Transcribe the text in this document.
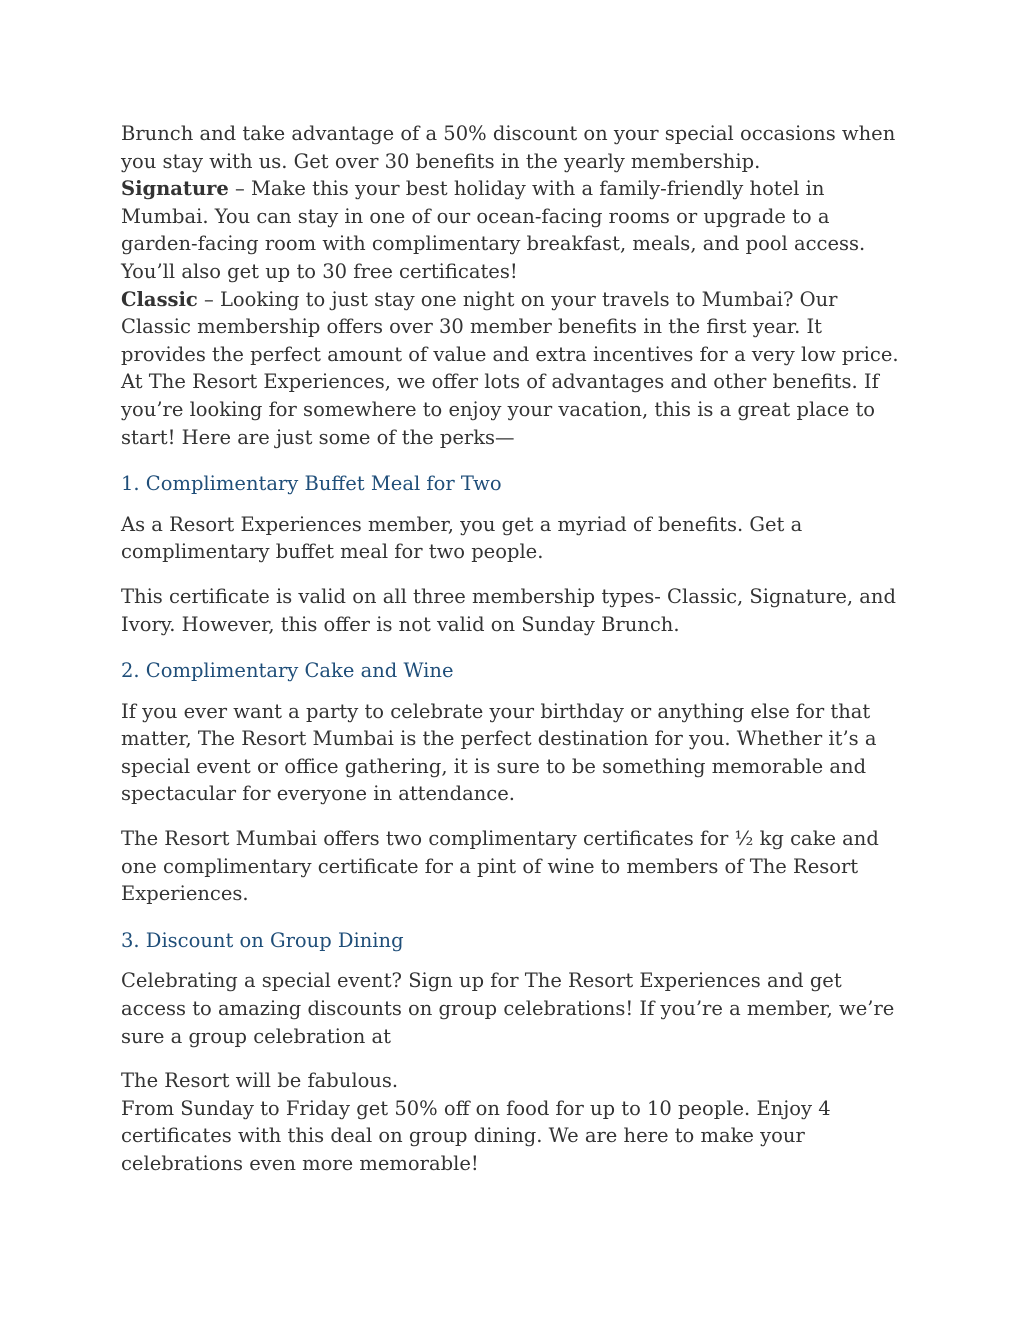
Brunch and take advantage of a 50% discount on your special occasions when you stay with us. Get over 30 benefits in the yearly membership.

Signature – Make this your best holiday with a family-friendly hotel in Mumbai. You can stay in one of our ocean-facing rooms or upgrade to a garden-facing room with complimentary breakfast, meals, and pool access. You’ll also get up to 30 free certificates!

Classic – Looking to just stay one night on your travels to Mumbai? Our Classic membership offers over 30 member benefits in the first year. It provides the perfect amount of value and extra incentives for a very low price.

At The Resort Experiences, we offer lots of advantages and other benefits. If you’re looking for somewhere to enjoy your vacation, this is a great place to start! Here are just some of the perks—

1. Complimentary Buffet Meal for Two

As a Resort Experiences member, you get a myriad of benefits. Get a complimentary buffet meal for two people.

This certificate is valid on all three membership types- Classic, Signature, and Ivory. However, this offer is not valid on Sunday Brunch.

2. Complimentary Cake and Wine

If you ever want a party to celebrate your birthday or anything else for that matter, The Resort Mumbai is the perfect destination for you. Whether it’s a special event or office gathering, it is sure to be something memorable and spectacular for everyone in attendance.

The Resort Mumbai offers two complimentary certificates for ½ kg cake and one complimentary certificate for a pint of wine to members of The Resort Experiences.

3. Discount on Group Dining

Celebrating a special event? Sign up for The Resort Experiences and get access to amazing discounts on group celebrations! If you’re a member, we’re sure a group celebration at

The Resort will be fabulous.

From Sunday to Friday get 50% off on food for up to 10 people. Enjoy 4 certificates with this deal on group dining. We are here to make your celebrations even more memorable!
